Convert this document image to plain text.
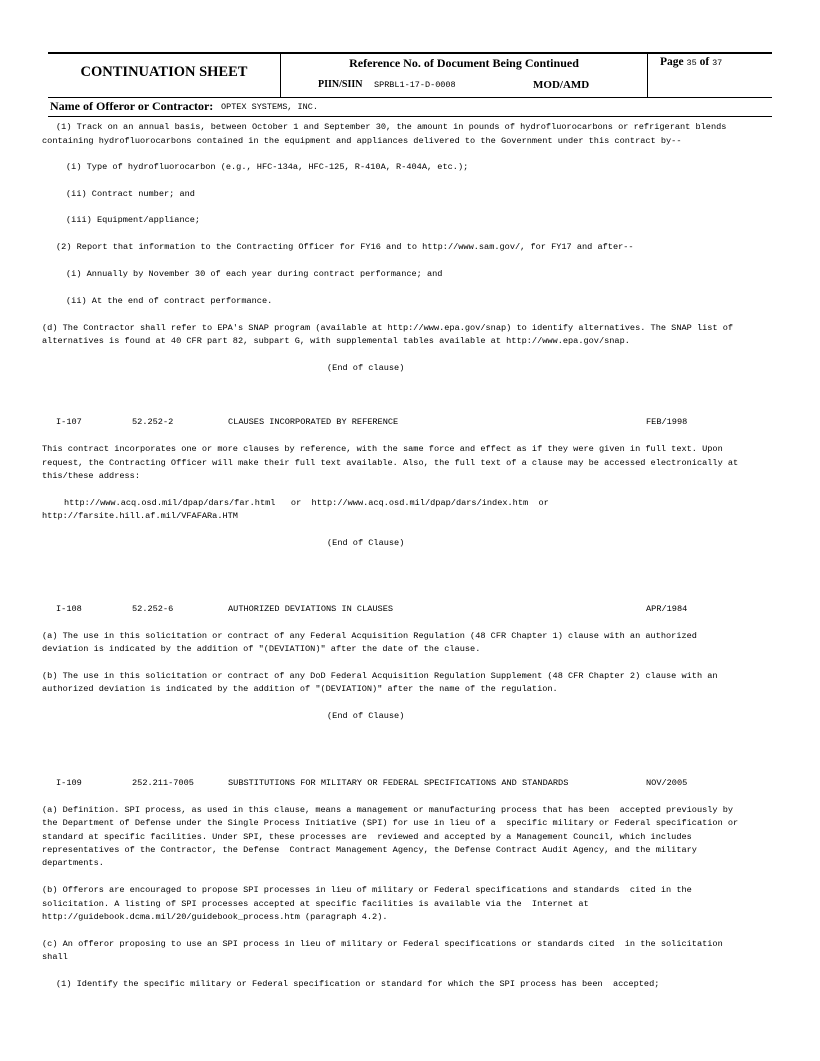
CONTINUATION SHEET
Reference No. of Document Being Continued
PIIN/SIIN SPRBL1-17-D-0008	MOD/AMD
Page 35 of 37
Name of Offeror or Contractor: OPTEX SYSTEMS, INC.
(1) Track on an annual basis, between October 1 and September 30, the amount in pounds of hydrofluorocarbons or refrigerant blends
containing hydrofluorocarbons contained in the equipment and appliances delivered to the Government under this contract by--
(i) Type of hydrofluorocarbon (e.g., HFC-134a, HFC-125, R-410A, R-404A, etc.);
(ii) Contract number; and
(iii) Equipment/appliance;
(2) Report that information to the Contracting Officer for FY16 and to http://www.sam.gov/, for FY17 and after--
(i) Annually by November 30 of each year during contract performance; and
(ii) At the end of contract performance.
(d) The Contractor shall refer to EPA's SNAP program (available at http://www.epa.gov/snap) to identify alternatives. The SNAP list of
alternatives is found at 40 CFR part 82, subpart G, with supplemental tables available at http://www.epa.gov/snap.
(End of clause)
I-107	52.252-2	CLAUSES INCORPORATED BY REFERENCE	FEB/1998
This contract incorporates one or more clauses by reference, with the same force and effect as if they were given in full text. Upon
request, the Contracting Officer will make their full text available. Also, the full text of a clause may be accessed electronically at
this/these address:
http://www.acq.osd.mil/dpap/dars/far.html   or  http://www.acq.osd.mil/dpap/dars/index.htm  or
http://farsite.hill.af.mil/VFAFARa.HTM
(End of Clause)
I-108	52.252-6	AUTHORIZED DEVIATIONS IN CLAUSES	APR/1984
(a) The use in this solicitation or contract of any Federal Acquisition Regulation (48 CFR Chapter 1) clause with an authorized
deviation is indicated by the addition of "(DEVIATION)" after the date of the clause.
(b) The use in this solicitation or contract of any DoD Federal Acquisition Regulation Supplement (48 CFR Chapter 2) clause with an
authorized deviation is indicated by the addition of "(DEVIATION)" after the name of the regulation.
(End of Clause)
I-109	252.211-7005	SUBSTITUTIONS FOR MILITARY OR FEDERAL SPECIFICATIONS AND STANDARDS	NOV/2005
(a) Definition. SPI process, as used in this clause, means a management or manufacturing process that has been  accepted previously by
the Department of Defense under the Single Process Initiative (SPI) for use in lieu of a  specific military or Federal specification or
standard at specific facilities. Under SPI, these processes are  reviewed and accepted by a Management Council, which includes
representatives of the Contractor, the Defense  Contract Management Agency, the Defense Contract Audit Agency, and the military
departments.
(b) Offerors are encouraged to propose SPI processes in lieu of military or Federal specifications and standards  cited in the
solicitation. A listing of SPI processes accepted at specific facilities is available via the  Internet at
http://guidebook.dcma.mil/20/guidebook_process.htm (paragraph 4.2).
(c) An offeror proposing to use an SPI process in lieu of military or Federal specifications or standards cited  in the solicitation
shall
(1) Identify the specific military or Federal specification or standard for which the SPI process has been  accepted;
